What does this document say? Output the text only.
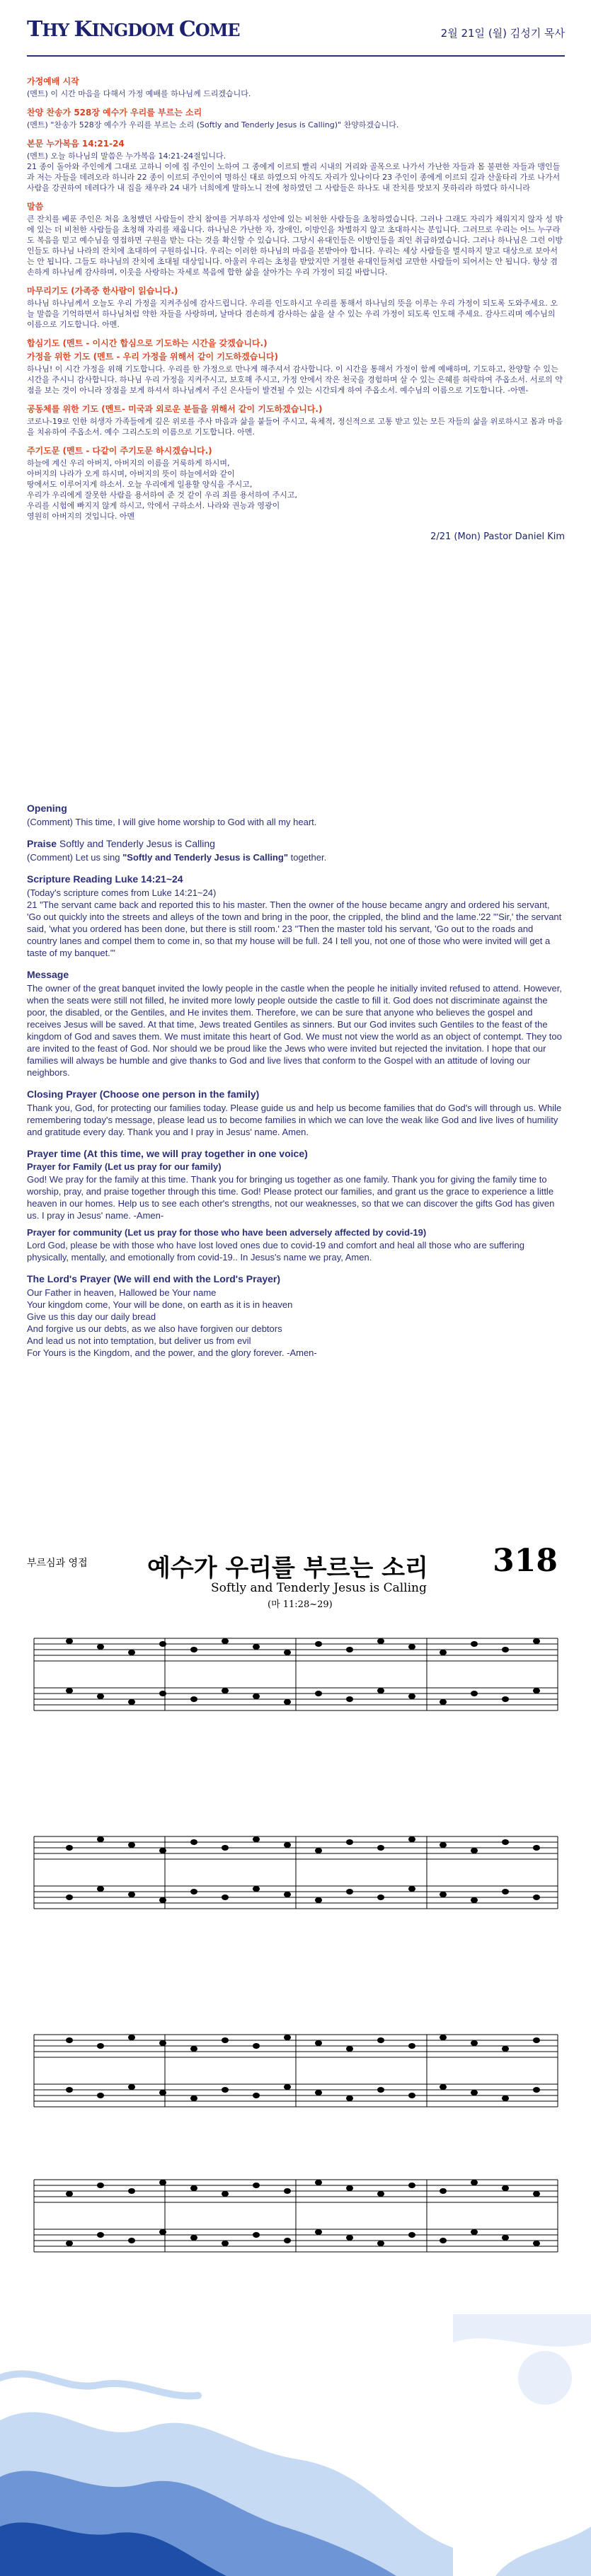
THY KINGDOM COME	2월 21일 (월) 김성기 목사
가정예배 시작

(멘트) 이 시간 마음을 다해서 가정 예배를 하나님께 드리겠습니다.

찬양 찬송가 528장 예수가 우리를 부르는 소리

(멘트) "찬송가 528장 예수가 우리를 부르는 소리 (Softly and Tenderly Jesus is Calling)" 찬양하겠습니다.

본문 누가복음 14:21-24

(멘트) 오늘 하나님의 말씀은 누가복음 14:21-24절입니다.

21 종이 돌아와 주인에게 그대로 고하니 이에 집 주인이 노하여 그 종에게 이르되 빨리 시내의 거리와 골목으로 나가서 가난한 자들과 몸 불편한 자들과 맹인들과 저는 자들을 데려오라 하니라 22 종이 이르되 주인이여 명하신 대로 하였으되 아직도 자리가 있나이다 23 주인이 종에게 이르되 길과 산울타리 가로 나가서 사람을 강권하여 데려다가 내 집을 채우라 24 내가 너희에게 말하노니 전에 청하였던 그 사람들은 하나도 내 잔치를 맛보지 못하리라 하였다 하시니라

말씀

큰 잔치를 베푼 주인은 처음 초청했던 사람들이 잔치 참여를 거부하자 성안에 있는 비천한 사람들을 초청하였습니다. 그러나 그래도 자리가 채워지지 않자 성 밖에 있는 더 비천한 사람들을 초청해 자리를 채웁니다. 하나님은 가난한 자, 장애인, 이방인을 차별하지 않고 초대하시는 분입니다. 그러므로 우리는 어느 누구라도 복음을 믿고 예수님을 영접하면 구원을 받는 다는 것을 확신할 수 있습니다. 그당시 유대인들은 이방인들을 죄인 취급하였습니다. 그러나 하나님은 그런 이방인들도 하나님 나라의 잔치에 초대하여 구원하십니다. 우리는 이러한 하나님의 마음을 본받아야 합니다. 우리는 세상 사람들을 멸시하지 말고 대상으로 보아서는 안 됩니다. 그들도 하나님의 잔치에 초대될 대상입니다. 아울러 우리는 초청을 받았지만 거절한 유대인들처럼 교만한 사람들이 되어서는 안 됩니다. 항상 겸손하게 하나님께 감사하며, 이웃을 사랑하는 자세로 복음에 합한 삶을 살아가는 우리 가정이 되길 바랍니다.

마무리기도 (가족중 한사람이 읽습니다.)

하나님 하나님께서 오늘도 우리 가정을 지켜주심에 감사드립니다. 우리를 인도하시고 우리를 통해서 하나님의 뜻을 이루는 우리 가정이 되도록 도와주세요. 오늘 말씀을 기억하면서 하나님처럼 약한 자들을 사랑하며, 날마다 겸손하게 감사하는 삶을 살 수 있는 우리 가정이 되도록 인도해 주세요. 감사드리며 예수님의 이름으로 기도합니다. 아멘.

합심기도 (멘트 - 이시간 합심으로 기도하는 시간을 갖겠습니다.)
가정을 위한 기도 (멘트 - 우리 가정을 위해서 같이 기도하겠습니다)

하나님! 이 시간 가정을 위해 기도합니다. 우리를 한 가정으로 만나게 해주셔서 감사합니다. 이 시간을 통해서 가정이 함께 예배하며, 기도하고, 찬양할 수 있는 시간을 주시니 감사합니다. 하나님 우리 가정을 지켜주시고, 보호해 주시고, 가정 안에서 작은 천국을 경험하며 살 수 있는 은혜를 허락하여 주옵소서. 서로의 약점을 보는 것이 아니라 장점을 보게 하셔서 하나님께서 주신 은사들이 발견될 수 있는 시간되게 하여 주옵소서. 예수님의 이름으로 기도합니다. -아멘-

공동체를 위한 기도 (멘트- 미국과 외로운 분들을 위해서 같이 기도하겠습니다.)

코로나-19로 인한 허생자 가족들에게 깊은 위로를 주사 마음과 삶을 붙들어 주시고, 육체적, 정신적으로 고통 받고 있는 모든 자들의 삶을 위로하시고 몸과 마음을 치유하여 주옵소서. 예수 그리스도의 이름으로 기도합니다. 아멘.

주기도문 (멘트 - 다같이 주기도문 하시겠습니다.)

하늘에 계신 우리 아버지, 아버지의 이름을 거룩하게 하시며,

아버지의 나라가 오게 하시며, 아버지의 뜻이 하늘에서와 같이

땅에서도 이루어지게 하소서. 오늘 우리에게 일용할 양식을 주시고,

우리가 우리에게 잘못한 사람을 용서하여 준 것 같이 우리 죄를 용서하여 주시고,

우리를 시험에 빠지지 않게 하시고, 악에서 구하소서. 나라와 권능과 영광이

영원히 아버지의 것입니다. 아멘

2/21 (Mon) Pastor Daniel Kim
Opening

(Comment) This time, I will give home worship to God with all my heart.

Praise Softly and Tenderly Jesus is Calling

(Comment) Let us sing "Softly and Tenderly Jesus is Calling" together.

Scripture Reading Luke 14:21~24

(Today's scripture comes from Luke 14:21~24)

21 "The servant came back and reported this to his master. Then the owner of the house became angry and ordered his servant, 'Go out quickly into the streets and alleys of the town and bring in the poor, the crippled, the blind and the lame.'22 "'Sir,' the servant said, 'what you ordered has been done, but there is still room.' 23 "Then the master told his servant, 'Go out to the roads and country lanes and compel them to come in, so that my house will be full. 24 I tell you, not one of those who were invited will get a taste of my banquet.'"

Message

The owner of the great banquet invited the lowly people in the castle when the people he initially invited refused to attend. However, when the seats were still not filled, he invited more lowly people outside the castle to fill it. God does not discriminate against the poor, the disabled, or the Gentiles, and He invites them. Therefore, we can be sure that anyone who believes the gospel and receives Jesus will be saved. At that time, Jews treated Gentiles as sinners. But our God invites such Gentiles to the feast of the kingdom of God and saves them. We must imitate this heart of God. We must not view the world as an object of contempt. They too are invited to the feast of God. Nor should we be proud like the Jews who were invited but rejected the invitation. I hope that our families will always be humble and give thanks to God and live lives that conform to the Gospel with an attitude of loving our neighbors.

Closing Prayer (Choose one person in the family)

Thank you, God, for protecting our families today. Please guide us and help us become families that do God's will through us. While remembering today's message, please lead us to become families in which we can love the weak like God and live lives of humility and gratitude every day. Thank you and I pray in Jesus' name. Amen.

Prayer time (At this time, we will pray together in one voice)
Prayer for Family (Let us pray for our family)

God! We pray for the family at this time. Thank you for bringing us together as one family. Thank you for giving the family time to worship, pray, and praise together through this time. God! Please protect our families, and grant us the grace to experience a little heaven in our homes. Help us to see each other's strengths, not our weaknesses, so that we can discover the gifts God has given us. I pray in Jesus' name. -Amen-

Prayer for community (Let us pray for those who have been adversely affected by covid-19)

Lord God, please be with those who have lost loved ones due to covid-19 and comfort and heal all those who are suffering physically, mentally, and emotionally from covid-19.. In Jesus's name we pray, Amen.

The Lord's Prayer (We will end with the Lord's Prayer)

Our Father in heaven, Hallowed be Your name

Your kingdom come, Your will be done, on earth as it is in heaven

Give us this day our daily bread

And forgive us our debts, as we also have forgiven our debtors

And lead us not into temptation, but deliver us from evil

For Yours is the Kingdom, and the power, and the glory forever. -Amen-

부르심과 영접 예수가 우리를 부르는 소리 318
Softly and Tenderly Jesus is Calling
(마 11:28~29)
